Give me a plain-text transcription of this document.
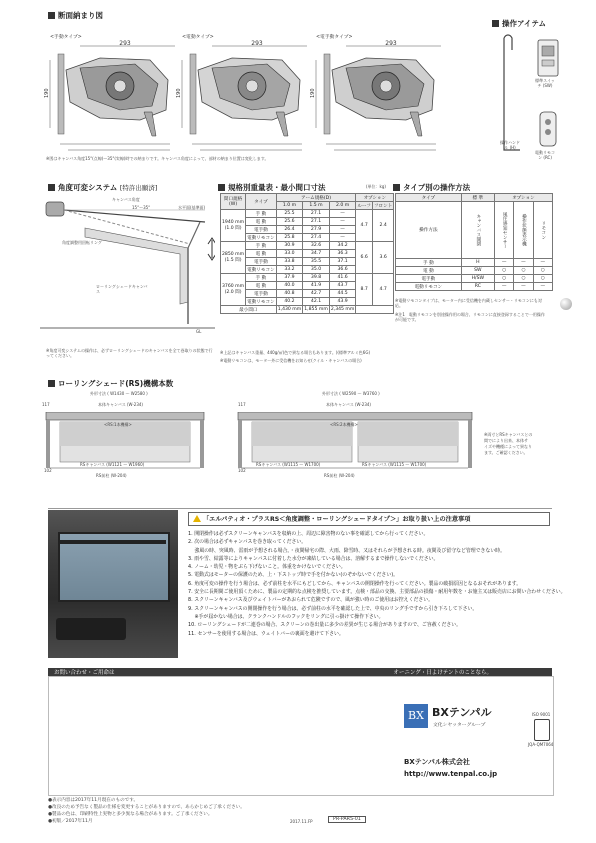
断面納まり図
<手動タイプ>	<電動タイプ>	<電手動タイプ>
293
190
293
190
293
190
※図はキャンバス角度15°(点線)〜35°(実線)時での納まりです。キャンバス角度によって、部材の納まり位置は変化します。
操作アイテム
操作ハンドル (H)
標準スイッチ (SW)
電動リモコン (RC)
角度可変システム [特許出願済]
キャンバス角度
15°〜35°	水平面(基準面)
角度調整用回転リング
ローリングシェードキャンバス
GL
※角度可変システムの操作は、必ずローリングシェードのキャンバスを全て巻取りの状態で行ってください。
規格別重量表・最小間口寸法	(単位：kg)
間口規格(W)	タイプ	アーム規格(D)			オプション	
		1.0 m	1.5 m	2.0 m	ルーフ	フロント
1940 mm
(1.0 間)	手 動	25.5	27.1	—	4.7	2.4
	電 動	25.6	27.1	—		
	電手動	26.4	27.9	—		
	電動リモコン	25.8	27.4	—		
2850 mm
(1.5 間)	手 動	30.9	32.6	34.2	6.6	3.6
	電 動	33.0	34.7	36.3		
	電手動	33.8	35.5	37.1		
	電動リモコン	33.2	35.0	36.6		
3760 mm
(2.0 間)	手 動	37.9	39.8	41.6	8.7	4.7
	電 動	40.0	41.9	43.7		
	電手動	40.8	42.7	44.5		
	電動リモコン	40.2	42.1	43.9		
最小間口		1,430 mm	1,855 mm	2,345 mm		
※上記はキャンバス重量、440g/㎡(色で異なる場合もあります。)(標準アルミ色6G)
※電動リモコンは、モーター外に受信機をお知らせ(クイル・キャンバスの場合)
タイプ別の操作方法
タイプ	標 準	オプション		
操作方法	キャンバス開閉	風圧感知センサー	操作状態表示機	リモコン
手 動	H	—	—	—
電 動	SW	○	○	○
電手動	H/SW	○	○	○
電動リモコン	RC	—	—	—
※電動リモコンタイプは、モーター内に受信機を内蔵しセンサー・リモコンにも対応。
※注1　電動リモコンを別途操作用の場合、リモコンに直接登録することで一用操作が可能です。
ローリングシェード(RS)機構本数
外形寸法 ( W1430 〜 W2580 )
本体キャンバス (W-234)
117
<RS:1本機構>
RSキャンバス (W1121 〜 W1960)
RS前柱 (W-204)
102
外形寸法 ( W2590 〜 W3760 )
本体キャンバス (W-234)
117
<RS:2本機構>
RSキャンバス (W1115 〜 W1700)	RSキャンバス (W1115 〜 W1700)
RS前柱 (W-204)
102
※両寸とRSキャンバスとの
間でにより出来、本体サ
イズや機種によって異なり
ます。ご確認ください。
「エルパティオ・プラスRS＜角度調整・ローリングシェードタイプ＞」お取り扱い上の注意事項
1. 開閉操作は必ずスクリーンキャンバスを収納の上、周辺に障害物のない事を確認してから行ってください。
2. 次の場合は必ずキャンバスを巻き取ってください。
　 強風の時、突風時、雷雨が予想される場合。・夜間帰宅の際、大雨、降雪時、又はそれらが予想される時。夜間及び留守など管理できない時。
3. 雨や雪、結露等によりキャンバスに付着した水分が凍結している場合は、溶解するまで操作しないでください。
4. ノーム・幼児・物をぶら下げないこと。体重をかけないでください。
5. 電動式はモーターの保護のため、上・下ストップ時で手を付かない(のぞかないでください)。
6. 角度可変の操作を行う場合は、必ず前柱を水平にもどしてから、キャンバスの開閉操作を行ってください。製品の破損原因となるおそれがあります。
7. 安全に長期間ご使用頂くために、製品の定期的な点検を推奨しています。点検・部品の交換、主要部品の損傷・耐用年数を・お施主又は販売店にお問い合わせください。
8. スクリーンキャンバス及びウェイトバーがあおられて危険ですので、風が強い時のご使用はお控えください。
9. スクリーンキャンバスの開閉操作を行う場合は、必ず前柱の水平を確認した上で、中央のリング手ですから引き下ろして下さい。
　 ※手が届かない場合は、クランクハンドルのフックをリングに引っ掛けて操作下さい。
10. ローリングシェードが二連巻の場合、スクリーンの巻出量に多少の差異が生じる場合がありますので、ご容赦ください。
11. センサーを使用する場合は、ウェイトバーの裏面を避けて下さい。
お問い合わせ・ご用命は	オーニング・日よけテントのことなら。
BX BXテンパル
文化シヤッターグループ
BXテンパル株式会社
http://www.tenpal.co.jp
ISO 9001
JQA-QM7064
●表示内容は2017年11月現在のものです。
●改良のため予告なく製品の仕様を変更することがありますので、あらかじめご了承ください。
●製品の色は、印刷特性上実物と多少異なる場合があります。ご了承ください。
●初版／2017年11月	2017.11.FP	PR-PARS-01
